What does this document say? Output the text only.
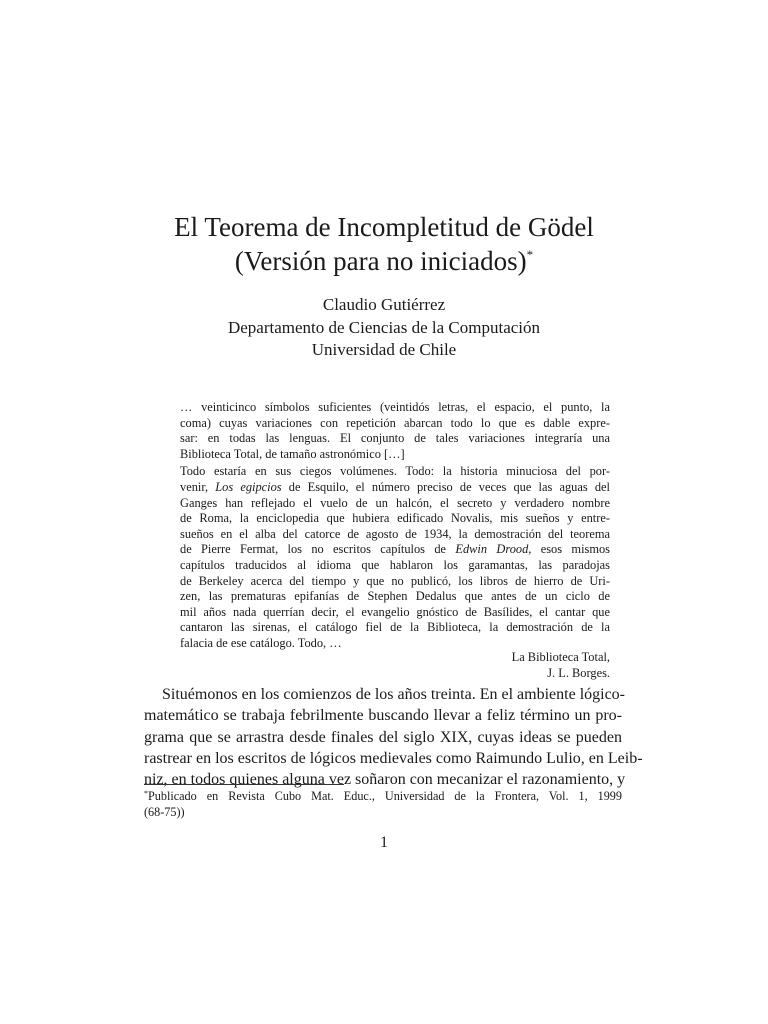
El Teorema de Incompletitud de Gödel
(Versión para no iniciados)*
Claudio Gutiérrez
Departamento de Ciencias de la Computación
Universidad de Chile

… veinticinco símbolos suficientes (veintidós letras, el espacio, el punto, la
coma) cuyas variaciones con repetición abarcan todo lo que es dable expre-
sar: en todas las lenguas. El conjunto de tales variaciones integraría una
Biblioteca Total, de tamaño astronómico […]

Todo estaría en sus ciegos volúmenes. Todo: la historia minuciosa del por-
venir, Los egipcios de Esquilo, el número preciso de veces que las aguas del
Ganges han reflejado el vuelo de un halcón, el secreto y verdadero nombre
de Roma, la enciclopedia que hubiera edificado Novalis, mis sueños y entre-
sueños en el alba del catorce de agosto de 1934, la demostración del teorema
de Pierre Fermat, los no escritos capítulos de Edwin Drood, esos mismos
capítulos traducidos al idioma que hablaron los garamantas, las paradojas
de Berkeley acerca del tiempo y que no publicó, los libros de hierro de Uri-
zen, las prematuras epifanías de Stephen Dedalus que antes de un ciclo de
mil años nada querrían decir, el evangelio gnóstico de Basílides, el cantar que
cantaron las sirenas, el catálogo fiel de la Biblioteca, la demostración de la
falacia de ese catálogo. Todo, …

La Biblioteca Total,
J. L. Borges.
Situémonos en los comienzos de los años treinta. En el ambiente lógico-
matemático se trabaja febrilmente buscando llevar a feliz término un pro-
grama que se arrastra desde finales del siglo XIX, cuyas ideas se pueden
rastrear en los escritos de lógicos medievales como Raimundo Lulio, en Leib-
niz, en todos quienes alguna vez soñaron con mecanizar el razonamiento, y
*Publicado en Revista Cubo Mat. Educ., Universidad de la Frontera, Vol. 1, 1999
(68-75))
1
